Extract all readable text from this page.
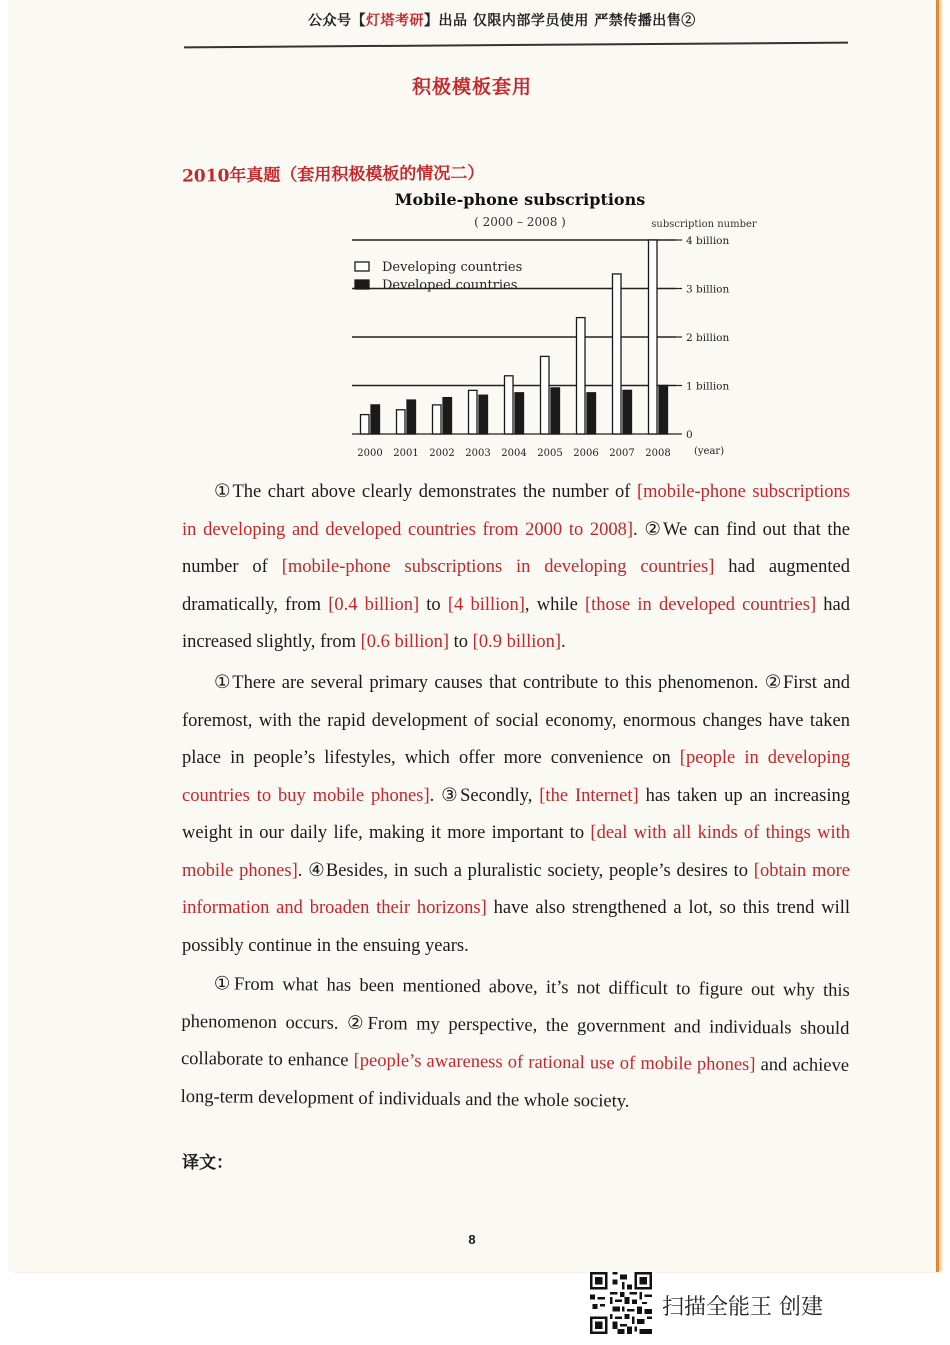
公众号【灯塔考研】出品 仅限内部学员使用 严禁传播出售②
积极模板套用
2010年真题（套用积极模板的情况二）
Mobile-phone subscriptions
( 2000 – 2008 )	subscription number
0
1 billion
2 billion
3 billion
4 billion
2000 2001 2002 2003 2004 2005 2006 2007 2008 (year)
Developing countries
Developed countries

①The chart above clearly demonstrates the number of [mobile-phone subscriptions in developing and developed countries from 2000 to 2008]. ②We can find out that the number of [mobile-phone subscriptions in developing countries] had augmented dramatically, from [0.4 billion] to [4 billion], while [those in developed countries] had increased slightly, from [0.6 billion] to [0.9 billion].

①There are several primary causes that contribute to this phenomenon. ②First and foremost, with the rapid development of social economy, enormous changes have taken place in people’s lifestyles, which offer more convenience on [people in developing countries to buy mobile phones]. ③Secondly, [the Internet] has taken up an increasing weight in our daily life, making it more important to [deal with all kinds of things with mobile phones]. ④Besides, in such a pluralistic society, people’s desires to [obtain more information and broaden their horizons] have also strengthened a lot, so this trend will possibly continue in the ensuing years.

①From what has been mentioned above, it’s not difficult to figure out why this phenomenon occurs. ②From my perspective, the government and individuals should collaborate to enhance [people’s awareness of rational use of mobile phones] and achieve long-term development of individuals and the whole society.

译文：
8
扫描全能王 创建
